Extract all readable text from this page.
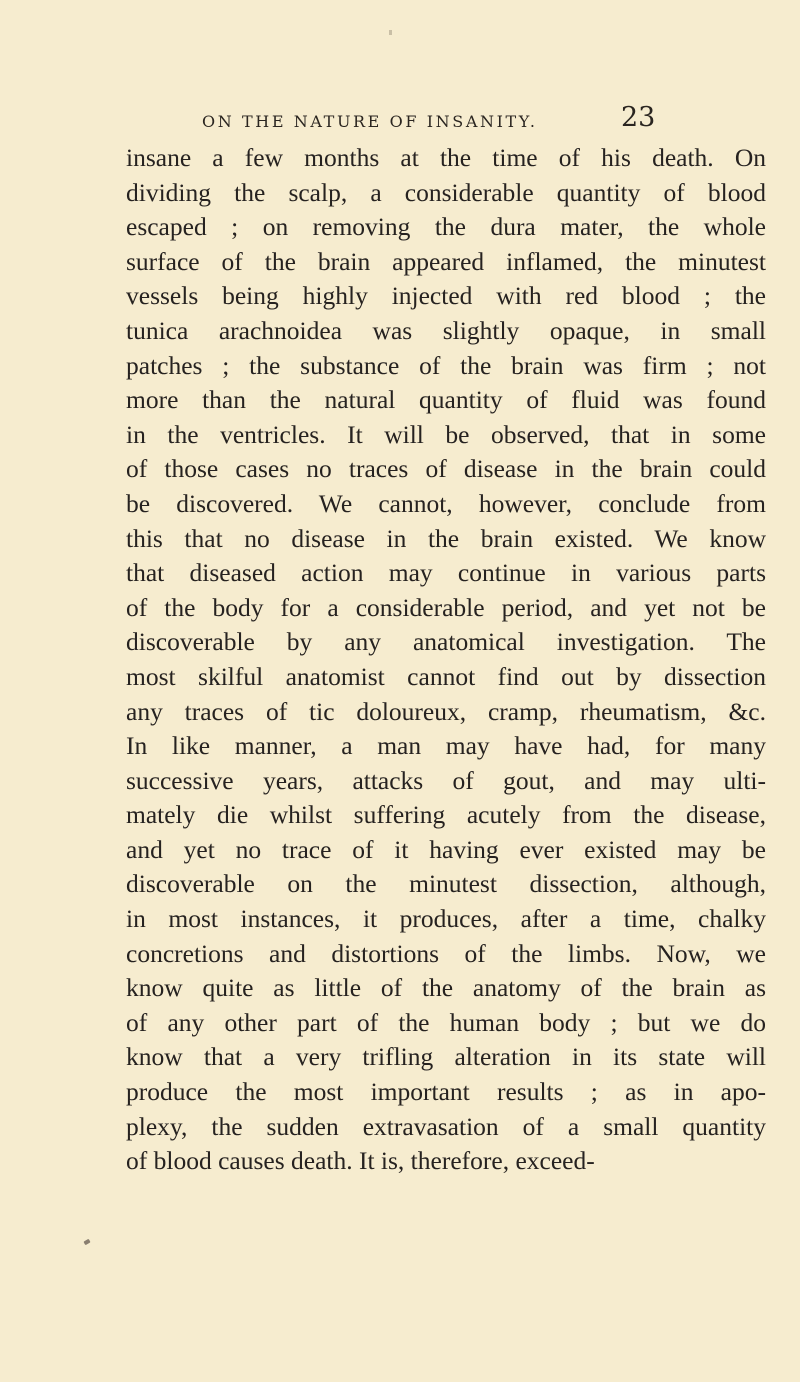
ON THE NATURE OF INSANITY.	23
insane a few months at the time of his death. On
dividing the scalp, a considerable quantity of blood
escaped ; on removing the dura mater, the whole
surface of the brain appeared inflamed, the minutest
vessels being highly injected with red blood ; the
tunica arachnoidea was slightly opaque, in small
patches ; the substance of the brain was firm ; not
more than the natural quantity of fluid was found
in the ventricles. It will be observed, that in some
of those cases no traces of disease in the brain could
be discovered. We cannot, however, conclude from
this that no disease in the brain existed. We know
that diseased action may continue in various parts
of the body for a considerable period, and yet not be
discoverable by any anatomical investigation. The
most skilful anatomist cannot find out by dissection
any traces of tic doloureux, cramp, rheumatism, &c.
In like manner, a man may have had, for many
successive years, attacks of gout, and may ulti-
mately die whilst suffering acutely from the disease,
and yet no trace of it having ever existed may be
discoverable on the minutest dissection, although,
in most instances, it produces, after a time, chalky
concretions and distortions of the limbs. Now, we
know quite as little of the anatomy of the brain as
of any other part of the human body ; but we do
know that a very trifling alteration in its state will
produce the most important results ; as in apo-
plexy, the sudden extravasation of a small quantity
of blood causes death. It is, therefore, exceed-
